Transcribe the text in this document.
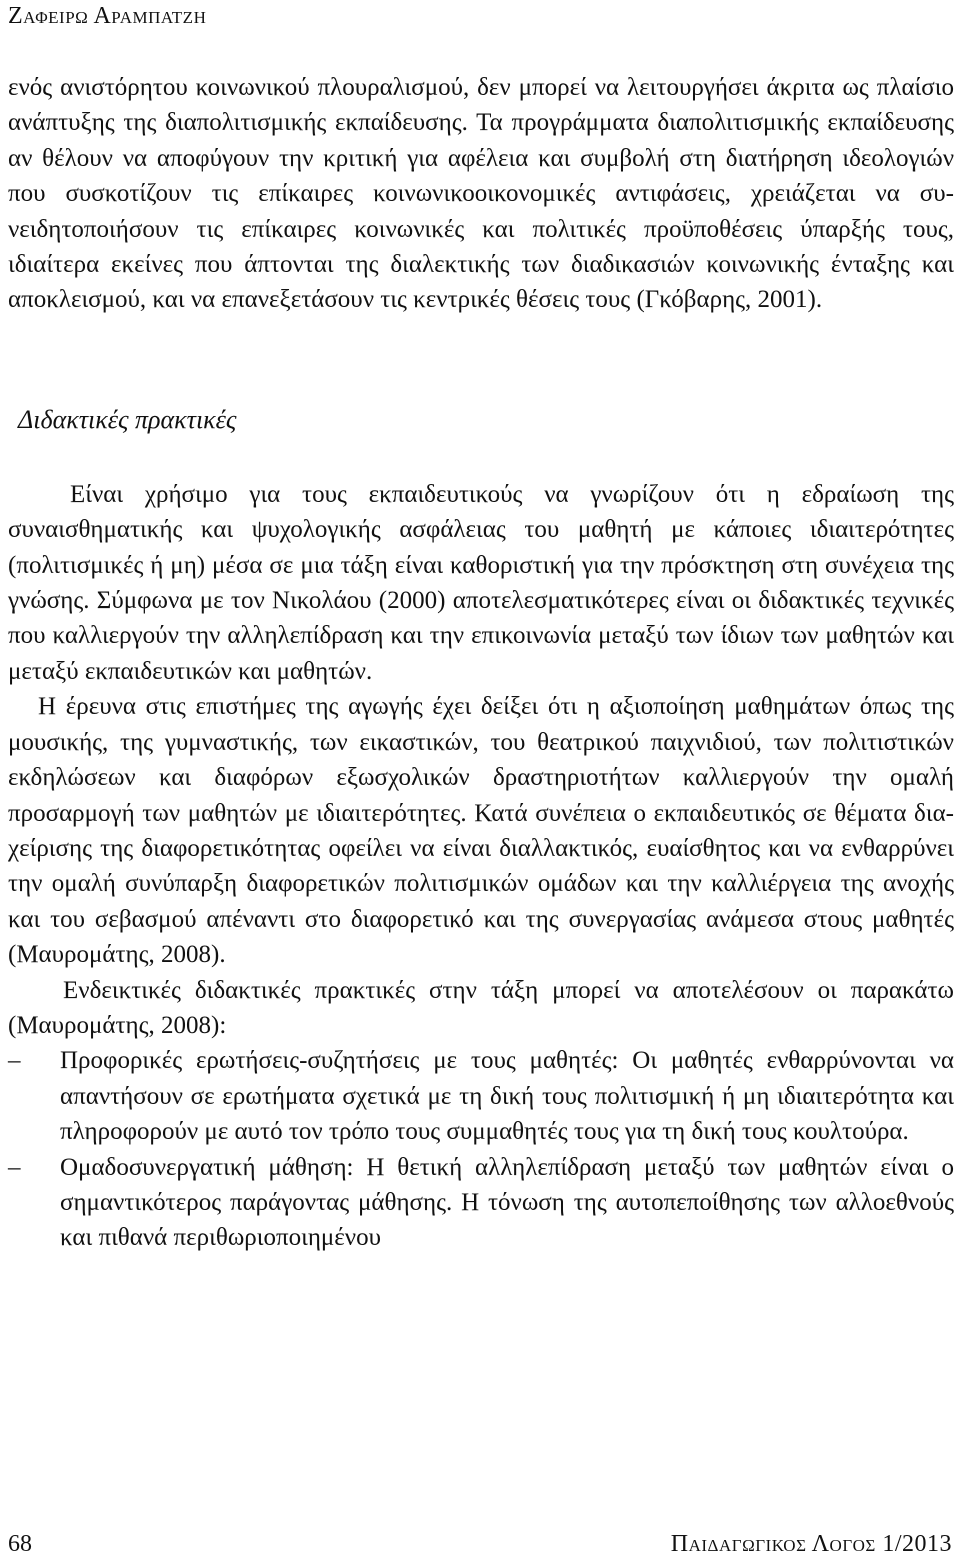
Ζαφειρω Αραμπατζη

ενός ανιστόρητου κοινωνικού πλουραλισμού, δεν μπορεί να λειτουργήσει άκριτα ως πλαίσιο ανάπτυξης της διαπολιτισμικής εκπαίδευσης. Τα προγράμματα διαπολιτισμικής εκπαίδευσης αν θέλουν να αποφύγουν την κριτική για αφέλεια και συμβολή στη διατήρηση ιδεολογιών που συσκοτίζουν τις επίκαιρες κοινωνικοοικονομικές αντιφάσεις, χρειάζεται να συνειδητοποιήσουν τις επίκαιρες κοινωνικές και πολιτικές προϋποθέσεις ύπαρξής τους, ιδιαίτερα εκείνες που άπτονται της διαλεκτικής των διαδικασιών κοινωνικής ένταξης και αποκλεισμού, και να επανεξετάσουν τις κεντρικές θέσεις τους (Γκόβαρης, 2001).

Διδακτικές πρακτικές

Είναι χρήσιμο για τους εκπαιδευτικούς να γνωρίζουν ότι η εδραίωση της συναισθηματικής και ψυχολογικής ασφάλειας του μαθητή με κάποιες ιδιαιτερότητες (πολιτισμικές ή μη) μέσα σε μια τάξη είναι καθοριστική για την πρόσκτηση στη συνέχεια της γνώσης. Σύμφωνα με τον Νικολάου (2000) αποτελεσματικότερες είναι οι διδακτικές τεχνικές που καλλιεργούν την αλληλεπίδραση και την επικοινωνία μεταξύ των ίδιων των μαθητών και μεταξύ εκπαιδευτικών και μαθητών.

Η έρευνα στις επιστήμες της αγωγής έχει δείξει ότι η αξιοποίηση μαθημάτων όπως της μουσικής, της γυμναστικής, των εικαστικών, του θεατρικού παιχνιδιού, των πολιτιστικών εκδηλώσεων και διαφόρων εξωσχολικών δραστηριοτήτων καλλιεργούν την ομαλή προσαρμογή των μαθητών με ιδιαιτερότητες. Κατά συνέπεια ο εκπαιδευτικός σε θέματα διαχείρισης της διαφορετικότητας οφείλει να είναι διαλλακτικός, ευαίσθητος και να ενθαρρύνει την ομαλή συνύπαρξη διαφορετικών πολιτισμικών ομάδων και την καλλιέργεια της ανοχής και του σεβασμού απέναντι στο διαφορετικό και της συνεργασίας ανάμεσα στους μαθητές (Μαυρομάτης, 2008).

Ενδεικτικές διδακτικές πρακτικές στην τάξη μπορεί να αποτελέσουν οι παρακάτω (Μαυρομάτης, 2008):

– Προφορικές ερωτήσεις-συζητήσεις με τους μαθητές: Οι μαθητές ενθαρρύνονται να απαντήσουν σε ερωτήματα σχετικά με τη δική τους πολιτισμική ή μη ιδιαιτερότητα και πληροφορούν με αυτό τον τρόπο τους συμμαθητές τους για τη δική τους κουλτούρα.
– Ομαδοσυνεργατική μάθηση: Η θετική αλληλεπίδραση μεταξύ των μαθητών είναι ο σημαντικότερος παράγοντας μάθησης. Η τόνωση της αυτοπεποίθησης των αλλοεθνούς και πιθανά περιθωριοποιημένου
68	Παιδαγωγικος Λογος 1/2013
